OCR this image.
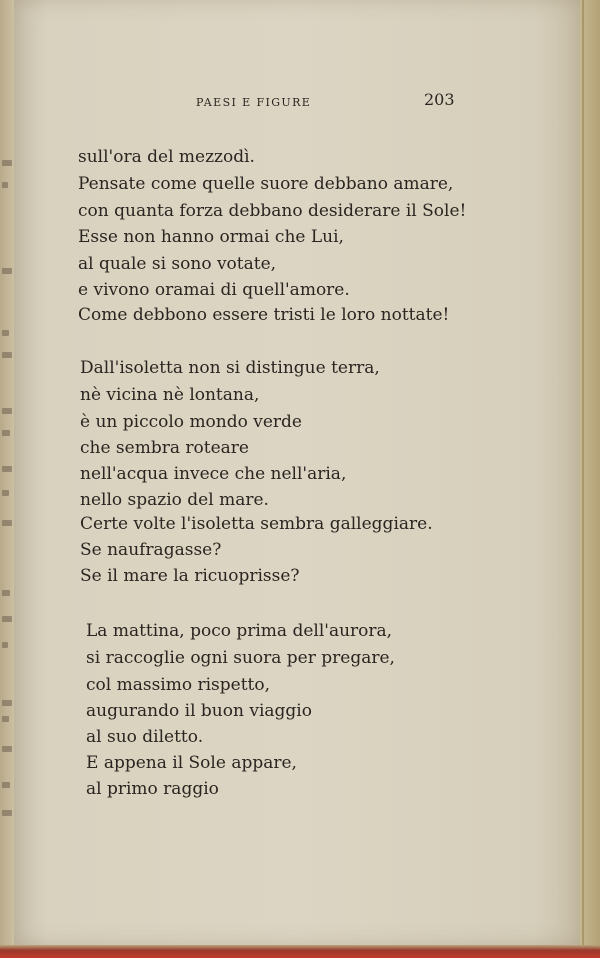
PAESI E FIGURE	203
sull'ora del mezzodì.
Pensate come quelle suore debbano amare,
con quanta forza debbano desiderare il Sole!
Esse non hanno ormai che Lui,
al quale si sono votate,
e vivono oramai di quell'amore.
Come debbono essere tristi le loro nottate!
Dall'isoletta non si distingue terra,
nè vicina nè lontana,
è un piccolo mondo verde
che sembra roteare
nell'acqua invece che nell'aria,
nello spazio del mare.
Certe volte l'isoletta sembra galleggiare.
Se naufragasse?
Se il mare la ricuoprisse?
La mattina, poco prima dell'aurora,
si raccoglie ogni suora per pregare,
col massimo rispetto,
augurando il buon viaggio
al suo diletto.
E appena il Sole appare,
al primo raggio
